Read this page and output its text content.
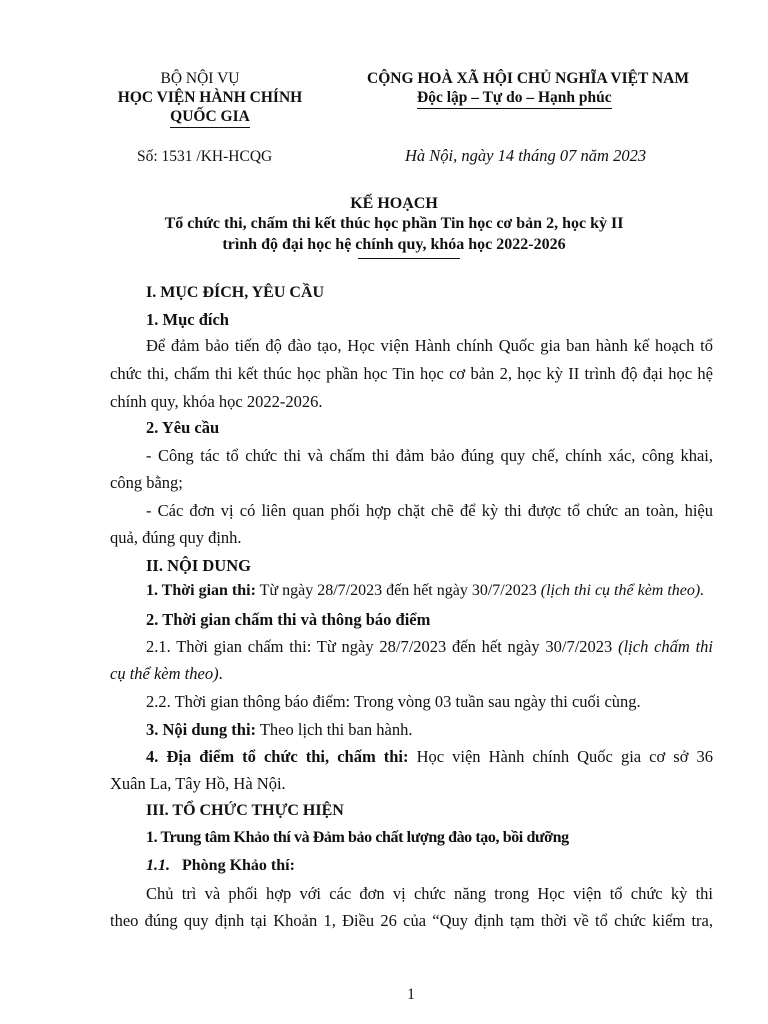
BỘ NỘI VỤ
HỌC VIỆN HÀNH CHÍNH
QUỐC GIA
Số: 1531 /KH-HCQG
CỘNG HOÀ XÃ HỘI CHỦ NGHĨA VIỆT NAM
Độc lập – Tự do – Hạnh phúc
Hà Nội, ngày 14 tháng 07 năm 2023
KẾ HOẠCH
Tổ chức thi, chấm thi kết thúc học phần Tin học cơ bản 2, học kỳ II
trình độ đại học hệ chính quy, khóa học 2022-2026
I. MỤC ĐÍCH, YÊU CẦU
1. Mục đích
Để đảm bảo tiến độ đào tạo, Học viện Hành chính Quốc gia ban hành kế hoạch tổ
chức thi, chấm thi kết thúc học phần học Tin học cơ bản 2, học kỳ II trình độ đại học hệ
chính quy, khóa học 2022-2026.
2. Yêu cầu
- Công tác tổ chức thi và chấm thi đảm bảo đúng quy chế, chính xác, công khai,
công bằng;
- Các đơn vị có liên quan phối hợp chặt chẽ để kỳ thi được tổ chức an toàn, hiệu
quả, đúng quy định.
II. NỘI DUNG
1. Thời gian thi: Từ ngày 28/7/2023 đến hết ngày 30/7/2023 (lịch thi cụ thể kèm theo).
2. Thời gian chấm thi và thông báo điểm
2.1. Thời gian chấm thi: Từ ngày 28/7/2023 đến hết ngày 30/7/2023 (lịch chấm thi
cụ thể kèm theo).
2.2. Thời gian thông báo điểm: Trong vòng 03 tuần sau ngày thi cuối cùng.
3. Nội dung thi: Theo lịch thi ban hành.
4. Địa điểm tổ chức thi, chấm thi: Học viện Hành chính Quốc gia cơ sở 36
Xuân La, Tây Hồ, Hà Nội.
III. TỔ CHỨC THỰC HIỆN
1. Trung tâm Khảo thí và Đảm bảo chất lượng đào tạo, bồi dưỡng
1.1. Phòng Khảo thí:
Chủ trì và phối hợp với các đơn vị chức năng trong Học viện tổ chức kỳ thi
theo đúng quy định tại Khoản 1, Điều 26 của “Quy định tạm thời về tổ chức kiểm tra,
1
